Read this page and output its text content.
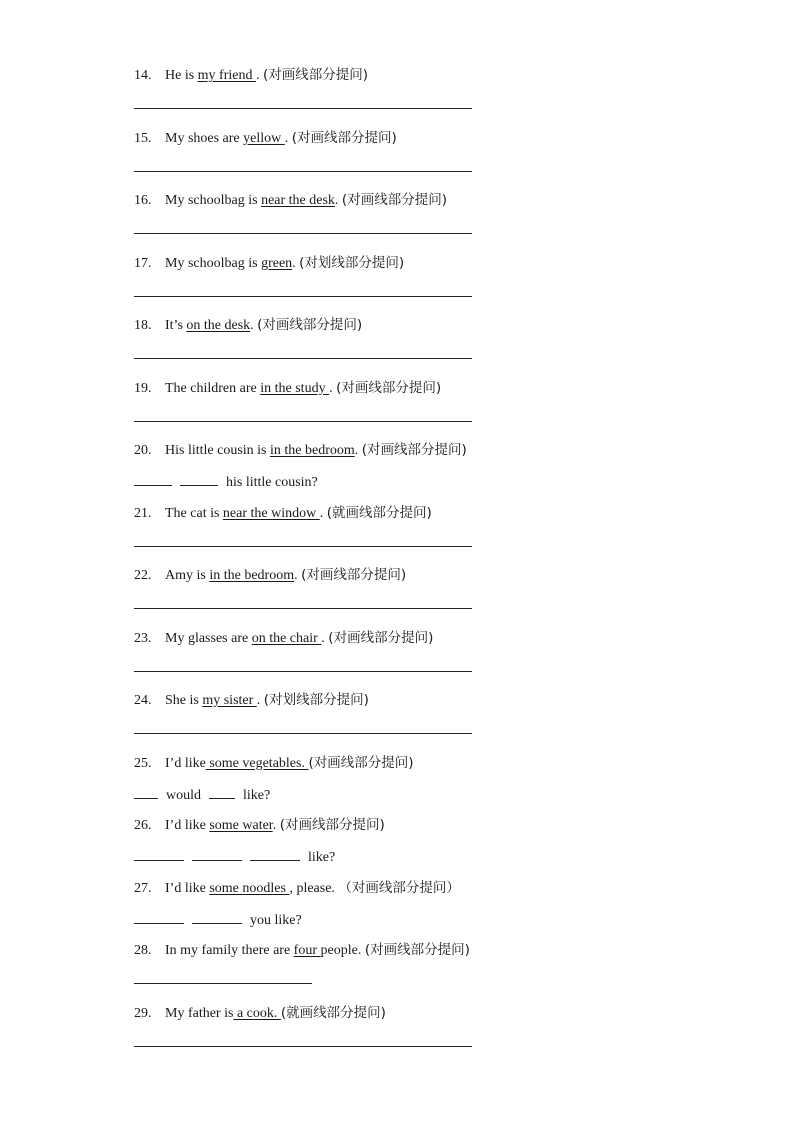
14. He is my friend . (对画线部分提问)
15. My shoes are yellow . (对画线部分提问)
16. My schoolbag is near the desk. (对画线部分提问)
17. My schoolbag is green. (对划线部分提问)
18. It’s on the desk. (对画线部分提问)
19. The children are in the study . (对画线部分提问)
20. His little cousin is in the bedroom. (对画线部分提问)
his little cousin?
21. The cat is near the window . (就画线部分提问)
22. Amy is in the bedroom. (对画线部分提问)
23. My glasses are on the chair . (对画线部分提问)
24. She is my sister . (对划线部分提问)
25. I’d like some vegetables. (对画线部分提问)
would	like?
26. I’d like some water. (对画线部分提问)
like?
27. I’d like some noodles , please. （对画线部分提问）
you like?
28. In my family there are four people. (对画线部分提问)
29. My father is a cook. (就画线部分提问)
